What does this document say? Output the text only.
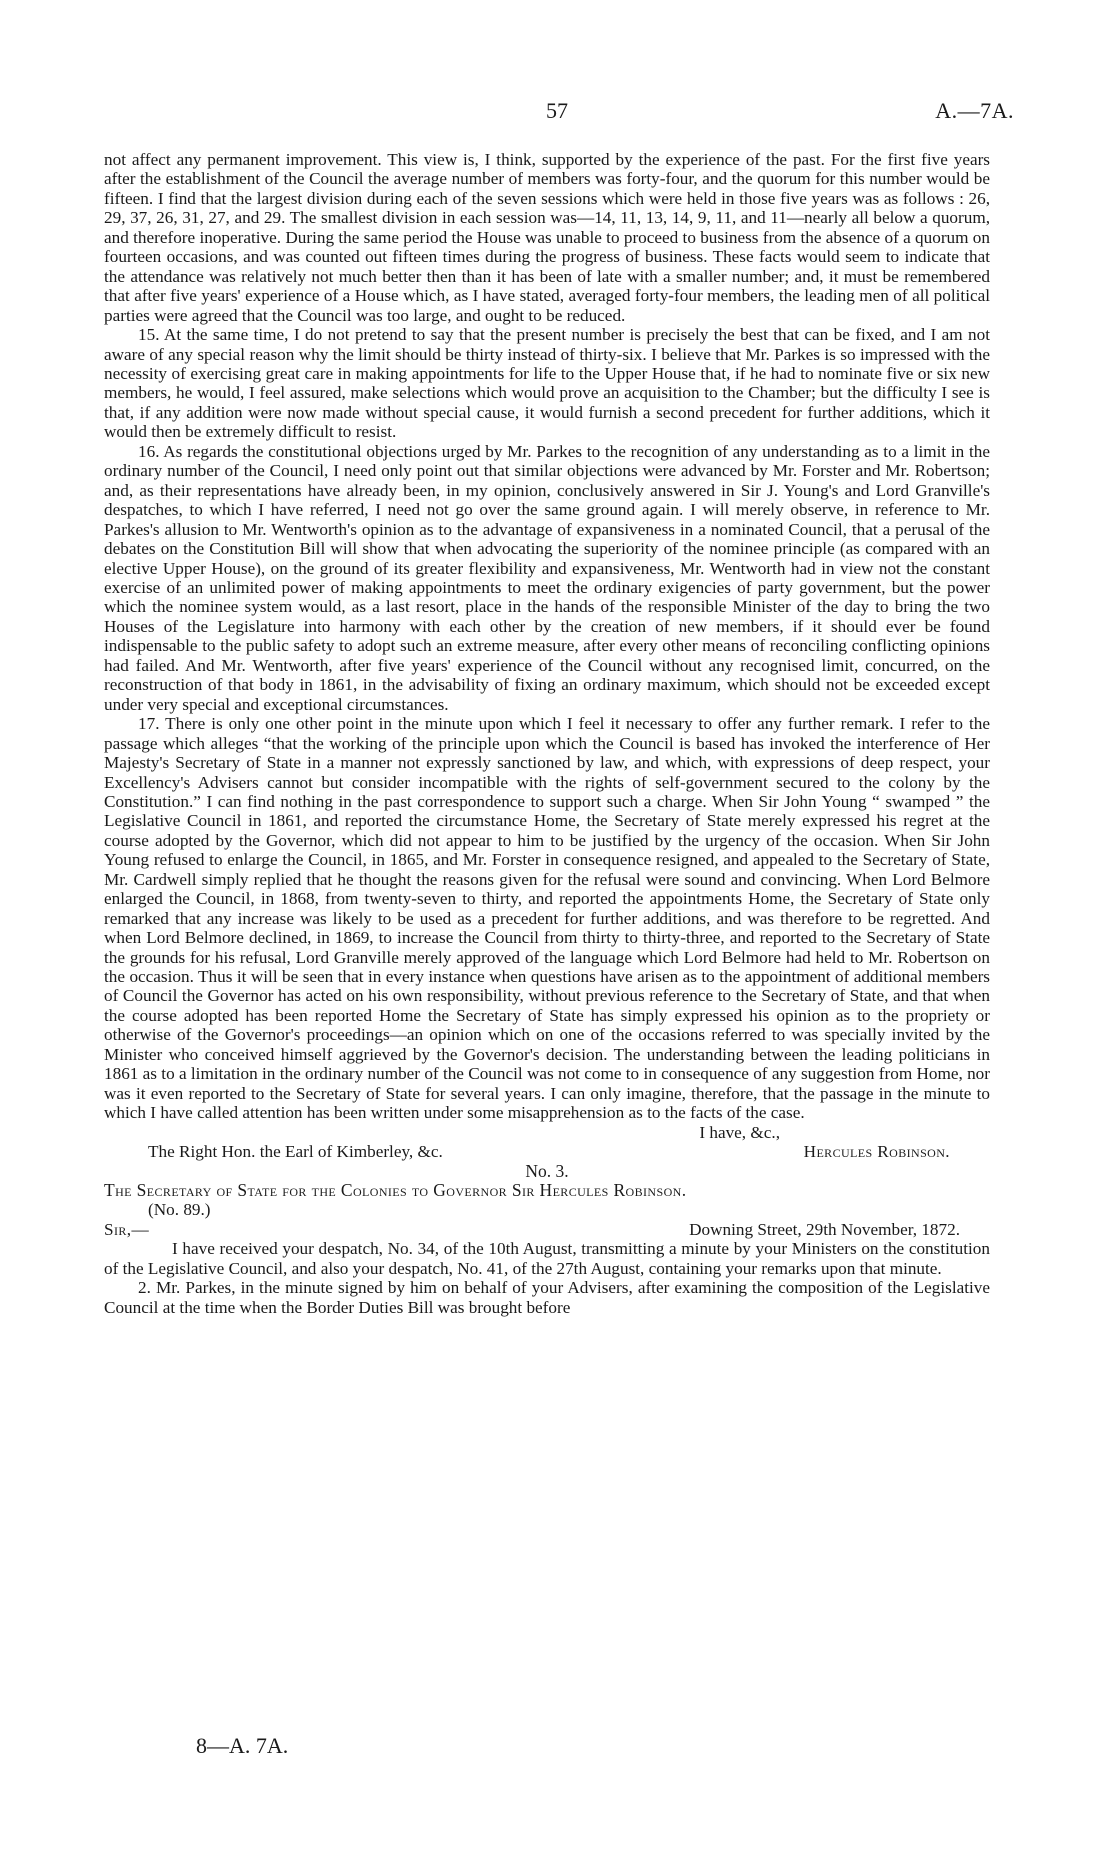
57	A.—7A.

not affect any permanent improvement. This view is, I think, supported by the experience of the past. For the first five years after the establishment of the Council the average number of members was forty-four, and the quorum for this number would be fifteen. I find that the largest division during each of the seven sessions which were held in those five years was as follows : 26, 29, 37, 26, 31, 27, and 29. The smallest division in each session was—14, 11, 13, 14, 9, 11, and 11—nearly all below a quorum, and therefore inoperative. During the same period the House was unable to proceed to business from the absence of a quorum on fourteen occasions, and was counted out fifteen times during the progress of business. These facts would seem to indicate that the attendance was relatively not much better then than it has been of late with a smaller number; and, it must be remembered that after five years' experience of a House which, as I have stated, averaged forty-four members, the leading men of all political parties were agreed that the Council was too large, and ought to be reduced.

15. At the same time, I do not pretend to say that the present number is precisely the best that can be fixed, and I am not aware of any special reason why the limit should be thirty instead of thirty-six. I believe that Mr. Parkes is so impressed with the necessity of exercising great care in making appointments for life to the Upper House that, if he had to nominate five or six new members, he would, I feel assured, make selections which would prove an acquisition to the Chamber; but the difficulty I see is that, if any addition were now made without special cause, it would furnish a second precedent for further additions, which it would then be extremely difficult to resist.

16. As regards the constitutional objections urged by Mr. Parkes to the recognition of any understanding as to a limit in the ordinary number of the Council, I need only point out that similar objections were advanced by Mr. Forster and Mr. Robertson; and, as their representations have already been, in my opinion, conclusively answered in Sir J. Young's and Lord Granville's despatches, to which I have referred, I need not go over the same ground again. I will merely observe, in reference to Mr. Parkes's allusion to Mr. Wentworth's opinion as to the advantage of expansiveness in a nominated Council, that a perusal of the debates on the Constitution Bill will show that when advocating the superiority of the nominee principle (as compared with an elective Upper House), on the ground of its greater flexibility and expansiveness, Mr. Wentworth had in view not the constant exercise of an unlimited power of making appointments to meet the ordinary exigencies of party government, but the power which the nominee system would, as a last resort, place in the hands of the responsible Minister of the day to bring the two Houses of the Legislature into harmony with each other by the creation of new members, if it should ever be found indispensable to the public safety to adopt such an extreme measure, after every other means of reconciling conflicting opinions had failed. And Mr. Wentworth, after five years' experience of the Council without any recognised limit, concurred, on the reconstruction of that body in 1861, in the advisability of fixing an ordinary maximum, which should not be exceeded except under very special and exceptional circumstances.

17. There is only one other point in the minute upon which I feel it necessary to offer any further remark. I refer to the passage which alleges “that the working of the principle upon which the Council is based has invoked the interference of Her Majesty's Secretary of State in a manner not expressly sanctioned by law, and which, with expressions of deep respect, your Excellency's Advisers cannot but consider incompatible with the rights of self-government secured to the colony by the Constitution.” I can find nothing in the past correspondence to support such a charge. When Sir John Young “ swamped ” the Legislative Council in 1861, and reported the circumstance Home, the Secretary of State merely expressed his regret at the course adopted by the Governor, which did not appear to him to be justified by the urgency of the occasion. When Sir John Young refused to enlarge the Council, in 1865, and Mr. Forster in consequence resigned, and appealed to the Secretary of State, Mr. Cardwell simply replied that he thought the reasons given for the refusal were sound and convincing. When Lord Belmore enlarged the Council, in 1868, from twenty-seven to thirty, and reported the appointments Home, the Secretary of State only remarked that any increase was likely to be used as a precedent for further additions, and was therefore to be regretted. And when Lord Belmore declined, in 1869, to increase the Council from thirty to thirty-three, and reported to the Secretary of State the grounds for his refusal, Lord Granville merely approved of the language which Lord Belmore had held to Mr. Robertson on the occasion. Thus it will be seen that in every instance when questions have arisen as to the appointment of additional members of Council the Governor has acted on his own responsibility, without previous reference to the Secretary of State, and that when the course adopted has been reported Home the Secretary of State has simply expressed his opinion as to the propriety or otherwise of the Governor's proceedings—an opinion which on one of the occasions referred to was specially invited by the Minister who conceived himself aggrieved by the Governor's decision. The understanding between the leading politicians in 1861 as to a limitation in the ordinary number of the Council was not come to in consequence of any suggestion from Home, nor was it even reported to the Secretary of State for several years. I can only imagine, therefore, that the passage in the minute to which I have called attention has been written under some misapprehension as to the facts of the case.

I have, &c.,

The Right Hon. the Earl of Kimberley, &c.	Hercules Robinson.

No. 3.

The Secretary of State for the Colonies to Governor Sir Hercules Robinson.

(No. 89.)

Sir,—	Downing Street, 29th November, 1872.

I have received your despatch, No. 34, of the 10th August, transmitting a minute by your Ministers on the constitution of the Legislative Council, and also your despatch, No. 41, of the 27th August, containing your remarks upon that minute.

2. Mr. Parkes, in the minute signed by him on behalf of your Advisers, after examining the composition of the Legislative Council at the time when the Border Duties Bill was brought before

8—A. 7A.
